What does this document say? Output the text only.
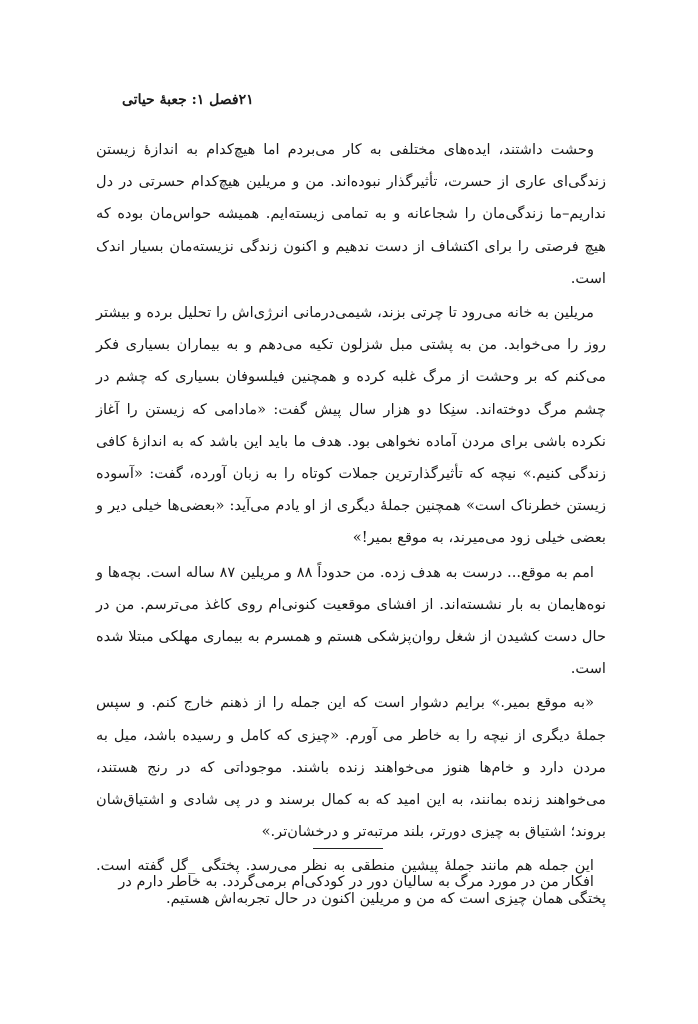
فصل ۱: جعبهٔ حیاتی ۲۱

وحشت داشتند، ایده‌های مختلفی به کار می‌بردم اما هیچ‌کدام به اندازهٔ زیستن زندگی‌ای عاری از حسرت، تأثیرگذار نبوده‌اند. من و مریلین هیچ‌کدام حسرتی در دل نداریم–ما زندگی‌مان را شجاعانه و به تمامی زیسته‌ایم. همیشه حواس‌مان بوده که هیچ فرصتی را برای اکتشاف از دست ندهیم و اکنون زندگی نزیسته‌مان بسیار اندک است.

مریلین به خانه می‌رود تا چرتی بزند، شیمی‌درمانی انرژی‌اش را تحلیل برده و بیشتر روز را می‌خوابد. من به پشتی مبل شزلون تکیه می‌دهم و به بیماران بسیاری فکر می‌کنم که بر وحشت از مرگ غلبه کرده و همچنین فیلسوفان بسیاری که چشم در چشم مرگ دوخته‌اند. سنِکا دو هزار سال پیش گفت: «مادامی که زیستن را آغاز نکرده باشی برای مردن آماده نخواهی بود. هدف ما باید این باشد که به اندازهٔ کافی زندگی کنیم.» نیچه که تأثیرگذارترین جملات کوتاه را به زبان آورده، گفت: «آسوده زیستن خطرناک است» همچنین جملهٔ دیگری از او یادم می‌آید: «بعضی‌ها خیلی دیر و بعضی خیلی زود می‌میرند، به موقع بمیر!»

امم به موقع... درست به هدف زده. من حدوداً ۸۸ و مریلین ۸۷ ساله است. بچه‌ها و نوه‌هایمان به بار نشسته‌اند. از افشای موقعیت کنونی‌ام روی کاغذ می‌ترسم. من در حال دست کشیدن از شغل روان‌پزشکی هستم و همسرم به بیماری مهلکی مبتلا شده است.

«به موقع بمیر.» برایم دشوار است که این جمله را از ذهنم خارج کنم. و سپس جملهٔ دیگری از نیچه را به خاطر می آورم. «چیزی که کامل و رسیده باشد، میل به مردن دارد و خام‌ها هنوز می‌خواهند زنده باشند. موجوداتی که در رنج هستند، می‌خواهند زنده بمانند، به این امید که به کمال برسند و در پی شادی و اشتیاق‌شان بروند؛ اشتیاق به چیزی دورتر، بلند مرتبه‌تر و درخشان‌تر.»

این جمله هم مانند جملهٔ پیشین منطقی به نظر می‌رسد. پختگی _گل گفته است. پختگی همان چیزی است که من و مریلین اکنون در حال تجربه‌اش هستیم.

افکار من در مورد مرگ به سالیان دور در کودکی‌ام برمی‌گردد. به خاطر دارم در
